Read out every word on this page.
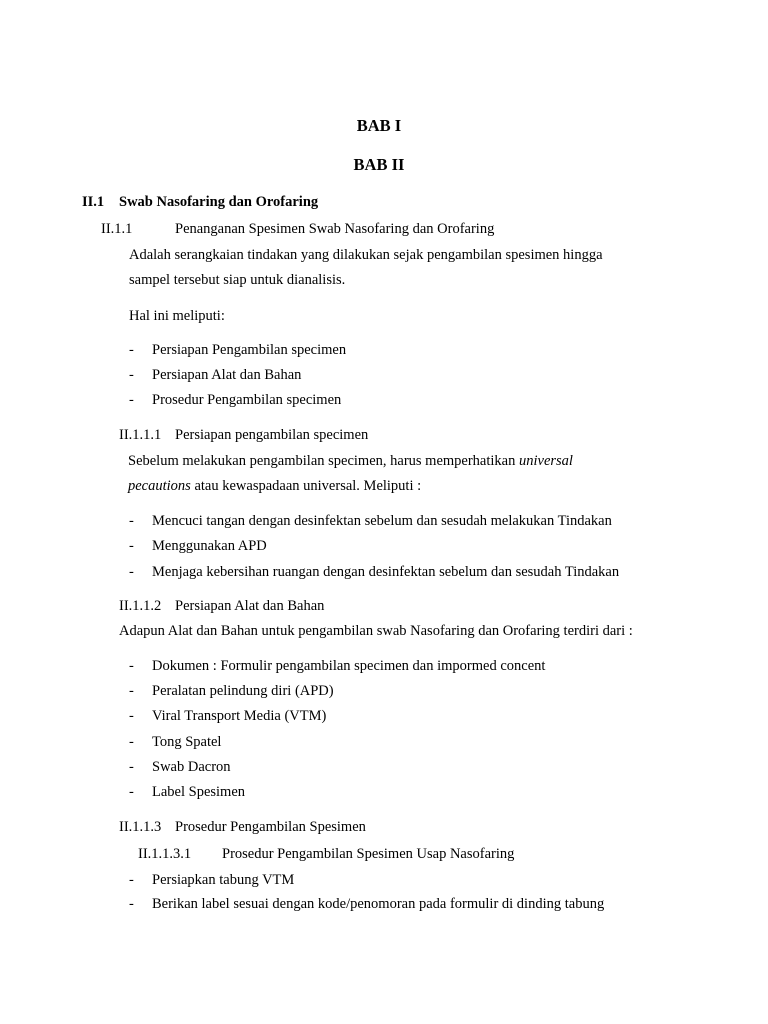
BAB I
BAB II
II.1 Swab Nasofaring dan Orofaring
II.1.1	Penanganan Spesimen Swab Nasofaring dan Orofaring
Adalah serangkaian tindakan yang dilakukan sejak pengambilan spesimen hingga
sampel tersebut siap untuk dianalisis.
Hal ini meliputi:
- Persiapan Pengambilan specimen
- Persiapan Alat dan Bahan
- Prosedur Pengambilan specimen
II.1.1.1 Persiapan pengambilan specimen
Sebelum melakukan pengambilan specimen, harus memperhatikan universal
pecautions atau kewaspadaan universal. Meliputi :
- Mencuci tangan dengan desinfektan sebelum dan sesudah melakukan Tindakan
- Menggunakan APD
- Menjaga kebersihan ruangan dengan desinfektan sebelum dan sesudah Tindakan
II.1.1.2 Persiapan Alat dan Bahan
Adapun Alat dan Bahan untuk pengambilan swab Nasofaring dan Orofaring terdiri dari :
- Dokumen : Formulir pengambilan specimen dan impormed concent
- Peralatan pelindung diri (APD)
- Viral Transport Media (VTM)
- Tong Spatel
- Swab Dacron
- Label Spesimen
II.1.1.3 Prosedur Pengambilan Spesimen
II.1.1.3.1 Prosedur Pengambilan Spesimen Usap Nasofaring
- Persiapkan tabung VTM
- Berikan label sesuai dengan kode/penomoran pada formulir di dinding tabung
